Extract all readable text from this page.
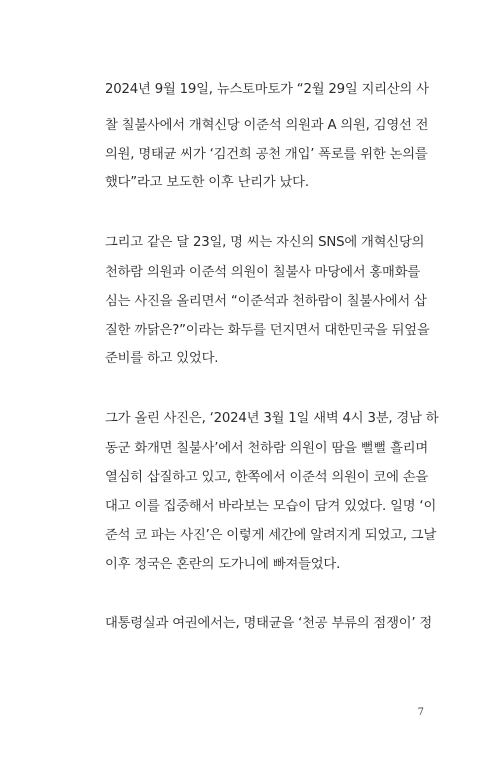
2024년 9월 19일, 뉴스토마토가 “2월 29일 지리산의 사
찰 칠불사에서 개혁신당 이준석 의원과 A 의원, 김영선 전
의원, 명태균 씨가 ‘김건희 공천 개입’ 폭로를 위한 논의를
했다”라고 보도한 이후 난리가 났다.
그리고 같은 달 23일, 명 씨는 자신의 SNS에 개혁신당의
천하람 의원과 이준석 의원이 칠불사 마당에서 홍매화를
심는 사진을 올리면서 “이준석과 천하람이 칠불사에서 삽
질한 까닭은?”이라는 화두를 던지면서 대한민국을 뒤엎을
준비를 하고 있었다.
그가 올린 사진은, ‘2024년 3월 1일 새벽 4시 3분, 경남 하
동군 화개면 칠불사’에서 천하람 의원이 땀을 뻘뻘 흘리며
열심히 삽질하고 있고, 한쪽에서 이준석 의원이 코에 손을
대고 이를 집중해서 바라보는 모습이 담겨 있었다. 일명 ‘이
준석 코 파는 사진’은 이렇게 세간에 알려지게 되었고, 그날
이후 정국은 혼란의 도가니에 빠져들었다.
대통령실과 여권에서는, 명태균을 ‘천공 부류의 점쟁이’ 정
7
